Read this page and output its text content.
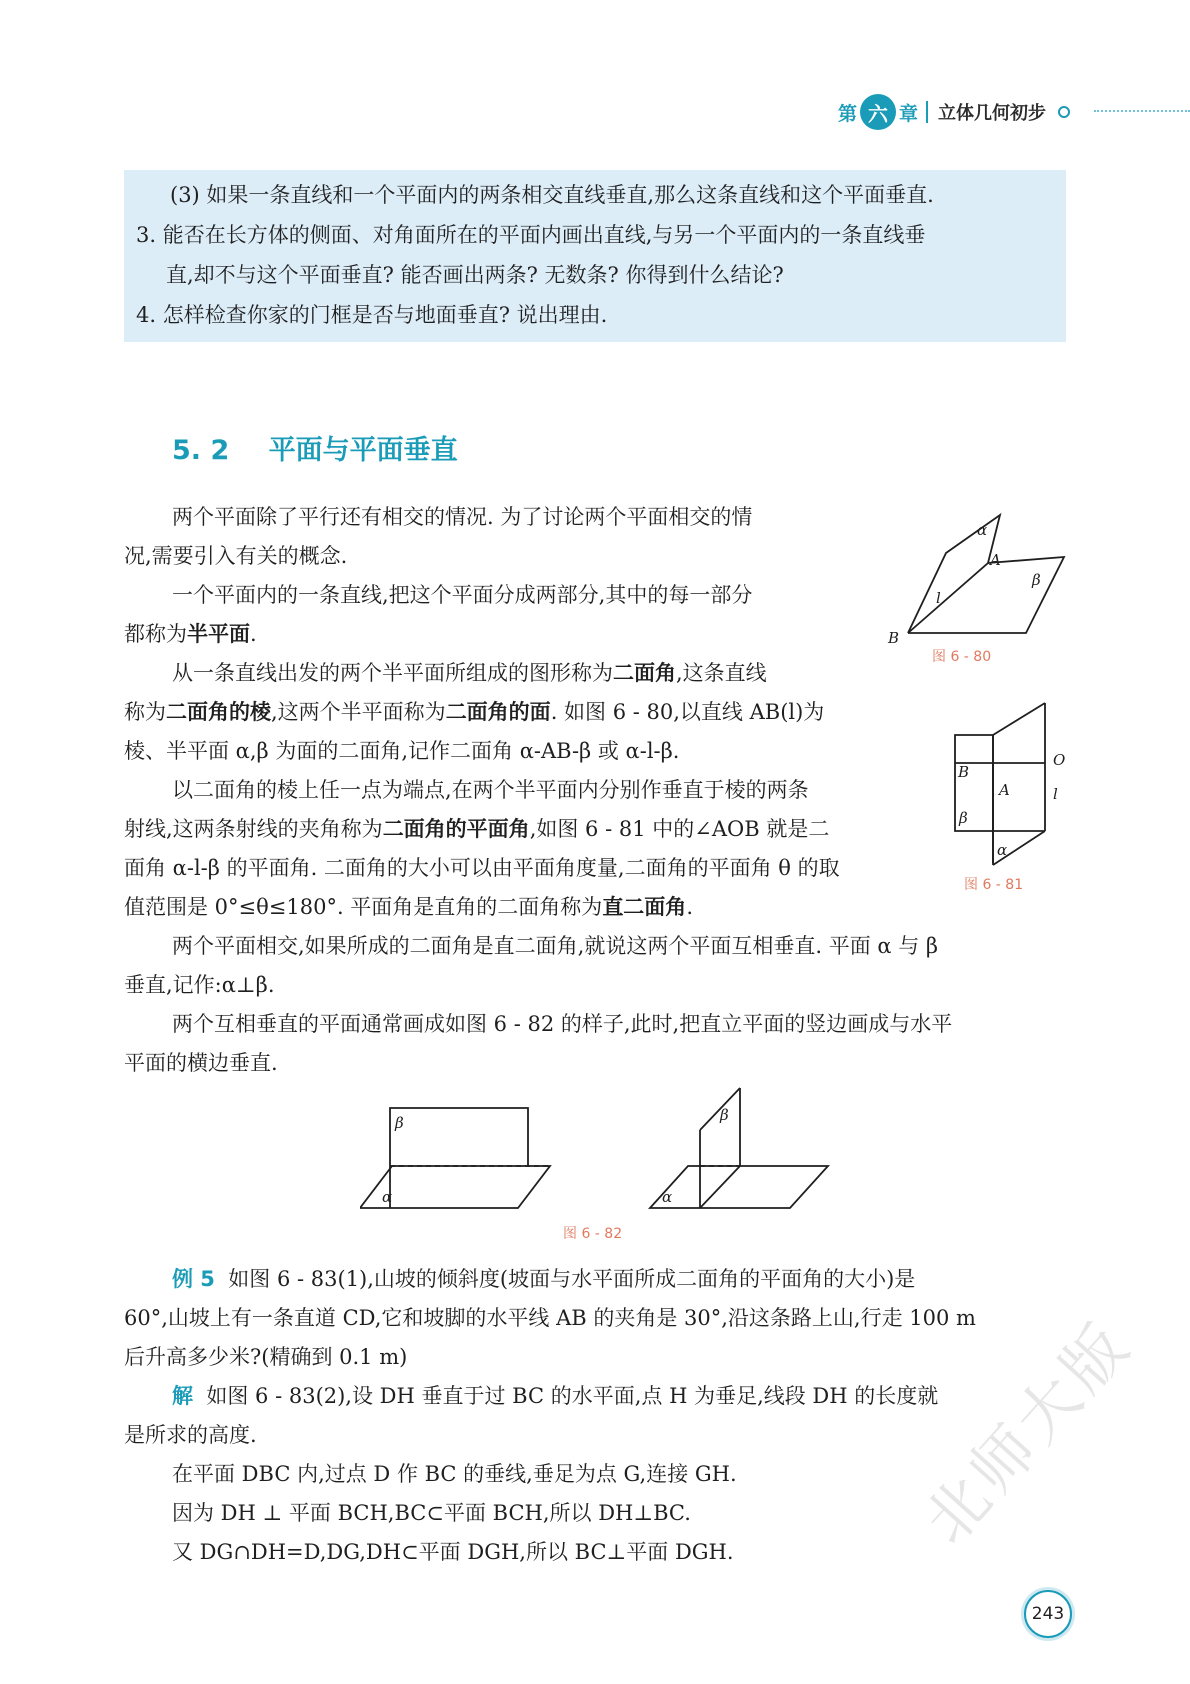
第 六 章 立体几何初步

(3) 如果一条直线和一个平面内的两条相交直线垂直,那么这条直线和这个平面垂直.

3. 能否在长方体的侧面、对角面所在的平面内画出直线,与另一个平面内的一条直线垂

直,却不与这个平面垂直? 能否画出两条? 无数条? 你得到什么结论?

4. 怎样检查你家的门框是否与地面垂直? 说出理由.

5. 2 平面与平面垂直

两个平面除了平行还有相交的情况. 为了讨论两个平面相交的情

况,需要引入有关的概念.

一个平面内的一条直线,把这个平面分成两部分,其中的每一部分

都称为半平面.

从一条直线出发的两个半平面所组成的图形称为二面角,这条直线

称为二面角的棱,这两个半平面称为二面角的面. 如图 6 - 80,以直线 AB(l)为

棱、半平面 α,β 为面的二面角,记作二面角 α-AB-β 或 α-l-β.

以二面角的棱上任一点为端点,在两个半平面内分别作垂直于棱的两条

射线,这两条射线的夹角称为二面角的平面角,如图 6 - 81 中的∠AOB 就是二

面角 α-l-β 的平面角. 二面角的大小可以由平面角度量,二面角的平面角 θ 的取

值范围是 0°≤θ≤180°. 平面角是直角的二面角称为直二面角.

两个平面相交,如果所成的二面角是直二面角,就说这两个平面互相垂直. 平面 α 与 β

垂直,记作:α⊥β.

两个互相垂直的平面通常画成如图 6 - 82 的样子,此时,把直立平面的竖边画成与水平

平面的横边垂直.

α
A
β
l
B
图 6 - 80
B
O
A	l
β
α
图 6 - 81
β
α
β
α
图 6 - 82

例 5 如图 6 - 83(1),山坡的倾斜度(坡面与水平面所成二面角的平面角的大小)是

60°,山坡上有一条直道 CD,它和坡脚的水平线 AB 的夹角是 30°,沿这条路上山,行走 100 m

后升高多少米?(精确到 0.1 m)

解 如图 6 - 83(2),设 DH 垂直于过 BC 的水平面,点 H 为垂足,线段 DH 的长度就

是所求的高度.

在平面 DBC 内,过点 D 作 BC 的垂线,垂足为点 G,连接 GH.

因为 DH ⊥ 平面 BCH,BC⊂平面 BCH,所以 DH⊥BC.

又 DG∩DH=D,DG,DH⊂平面 DGH,所以 BC⊥平面 DGH.	北师大版
243
